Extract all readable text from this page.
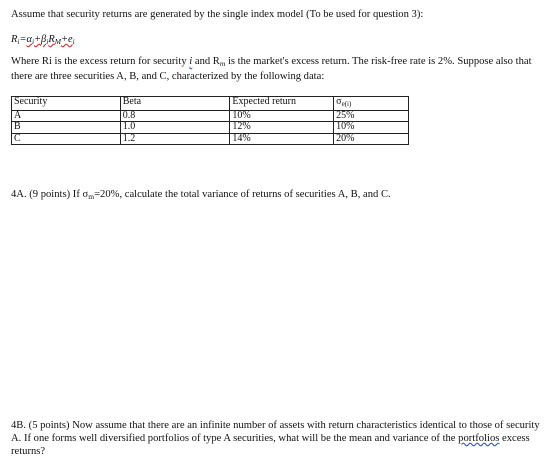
Assume that security returns are generated by the single index model (To be used for question 3):
$R_i=\alpha_i+\beta_iR_M+e_i$
Where Ri is the excess return for security i and Rm is the market's excess return. The risk-free rate is 2%. Suppose also that there are three securities A, B, and C, characterized by the following data:
Security	Beta	Expected return	$\sigma_{e(i)}$
A	0.8	10%	25%
B	1.0	12%	10%
C	1.2	14%	20%
4A. (9 points) If σm=20%, calculate the total variance of returns of securities A, B, and C.
4B. (5 points) Now assume that there are an infinite number of assets with return characteristics identical to those of security A. If one forms well diversified portfolios of type A securities, what will be the mean and variance of the portfolios excess returns?
